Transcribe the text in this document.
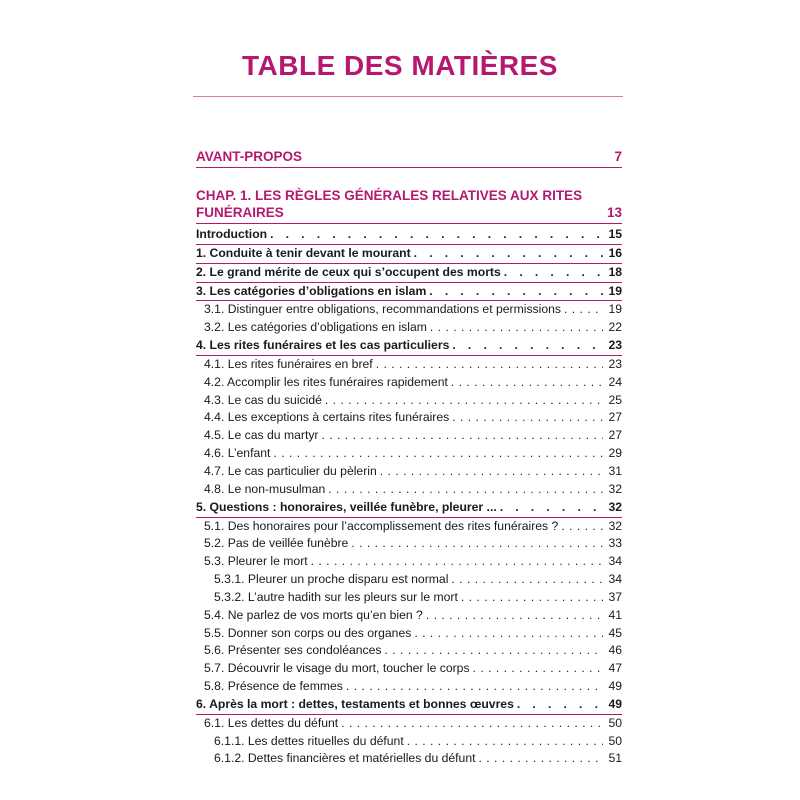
TABLE DES MATIÈRES
AVANT-PROPOS	7
CHAP. 1. LES RÈGLES GÉNÉRALES RELATIVES AUX RITES FUNÉRAIRES	13
Introduction . .	15
1. Conduite à tenir devant le mourant . .	16
2. Le grand mérite de ceux qui s’occupent des morts . .	18
3. Les catégories d’obligations en islam . .	19
3.1. Distinguer entre obligations, recommandations et permissions . . .	19
3.2. Les catégories d’obligations en islam . . .	22
4. Les rites funéraires et les cas particuliers . .	23
4.1. Les rites funéraires en bref . . .	23
4.2. Accomplir les rites funéraires rapidement . . .	24
4.3. Le cas du suicidé . . .	25
4.4. Les exceptions à certains rites funéraires . . .	27
4.5. Le cas du martyr . . .	27
4.6. L’enfant . . .	29
4.7. Le cas particulier du pèlerin . . .	31
4.8. Le non-musulman . . .	32
5. Questions : honoraires, veillée funèbre, pleurer ... . .	32
5.1. Des honoraires pour l’accomplissement des rites funéraires ? . . .	32
5.2. Pas de veillée funèbre . . .	33
5.3. Pleurer le mort . . .	34
5.3.1. Pleurer un proche disparu est normal . . .	34
5.3.2. L’autre hadith sur les pleurs sur le mort . . .	37
5.4. Ne parlez de vos morts qu’en bien ? . . .	41
5.5. Donner son corps ou des organes . . .	45
5.6. Présenter ses condoléances . . .	46
5.7. Découvrir le visage du mort, toucher le corps . . .	47
5.8. Présence de femmes . . .	49
6. Après la mort : dettes, testaments et bonnes œuvres . .	49
6.1. Les dettes du défunt . . .	50
6.1.1. Les dettes rituelles du défunt . . .	50
6.1.2. Dettes financières et matérielles du défunt . . .	51
